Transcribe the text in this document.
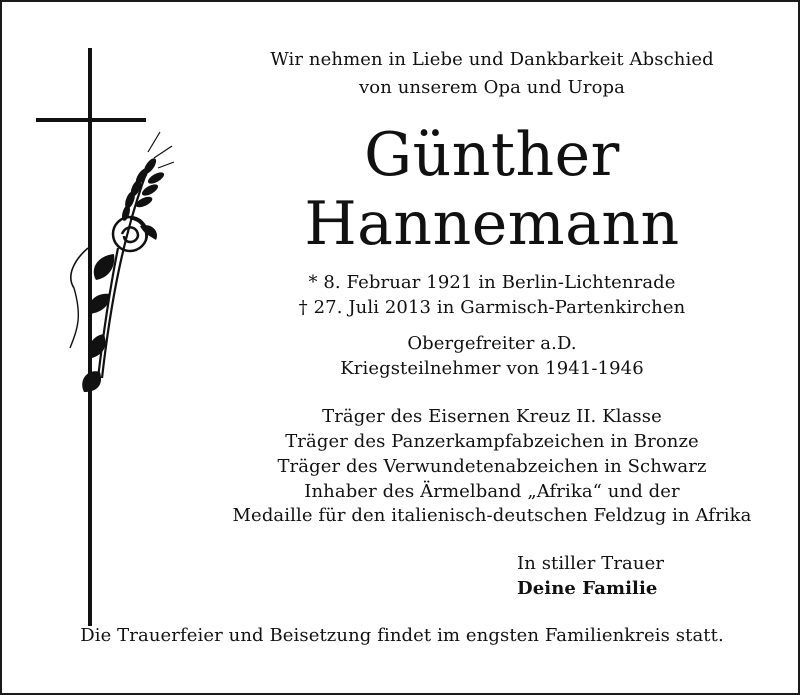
Wir nehmen in Liebe und Dankbarkeit Abschied
von unserem Opa und Uropa
Günther
Hannemann
* 8. Februar 1921 in Berlin-Lichtenrade
† 27. Juli 2013 in Garmisch-Partenkirchen
Obergefreiter a.D.
Kriegsteilnehmer von 1941-1946
Träger des Eisernen Kreuz II. Klasse
Träger des Panzerkampfabzeichen in Bronze
Träger des Verwundetenabzeichen in Schwarz
Inhaber des Ärmelband „Afrika“ und der
Medaille für den italienisch-deutschen Feldzug in Afrika
In stiller Trauer
Deine Familie
Die Trauerfeier und Beisetzung findet im engsten Familienkreis statt.
